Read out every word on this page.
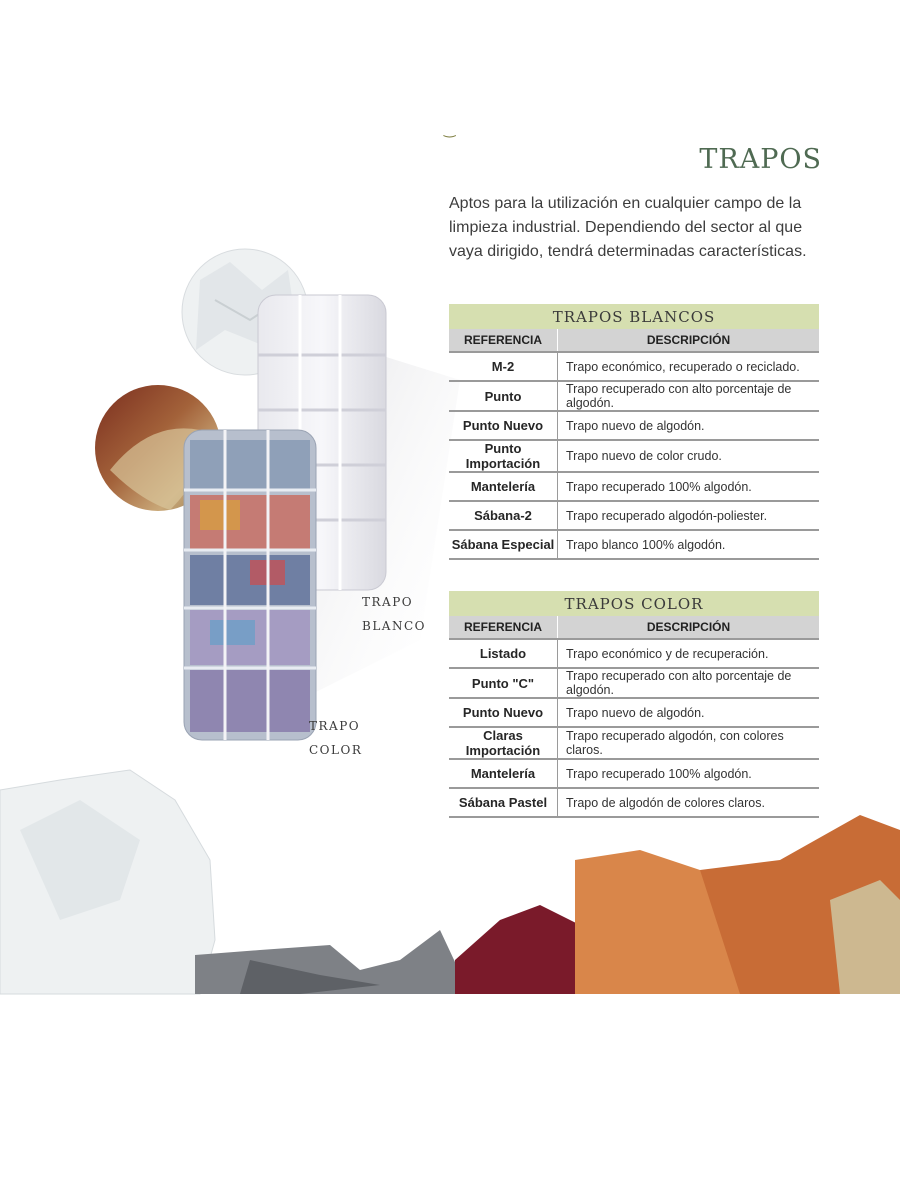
‿
TRAPOS

Aptos para la utilización en cualquier campo de la limpieza industrial. Dependiendo del sector al que vaya dirigido, tendrá determinadas características.

TRAPO
BLANCO
TRAPO
COLOR
TRAPOS BLANCOS
REFERENCIA	DESCRIPCIÓN
M-2	Trapo económico, recuperado o reciclado.
Punto	Trapo recuperado con alto porcentaje de algodón.
Punto Nuevo	Trapo nuevo de algodón.
Punto Importación	Trapo nuevo de color crudo.
Mantelería	Trapo recuperado 100% algodón.
Sábana-2	Trapo recuperado algodón-poliester.
Sábana Especial	Trapo blanco 100% algodón.
TRAPOS COLOR
REFERENCIA	DESCRIPCIÓN
Listado	Trapo económico y de recuperación.
Punto "C"	Trapo recuperado con alto porcentaje de algodón.
Punto Nuevo	Trapo nuevo de algodón.
Claras Importación	Trapo recuperado algodón, con colores claros.
Mantelería	Trapo recuperado 100% algodón.
Sábana Pastel	Trapo de algodón de colores claros.
